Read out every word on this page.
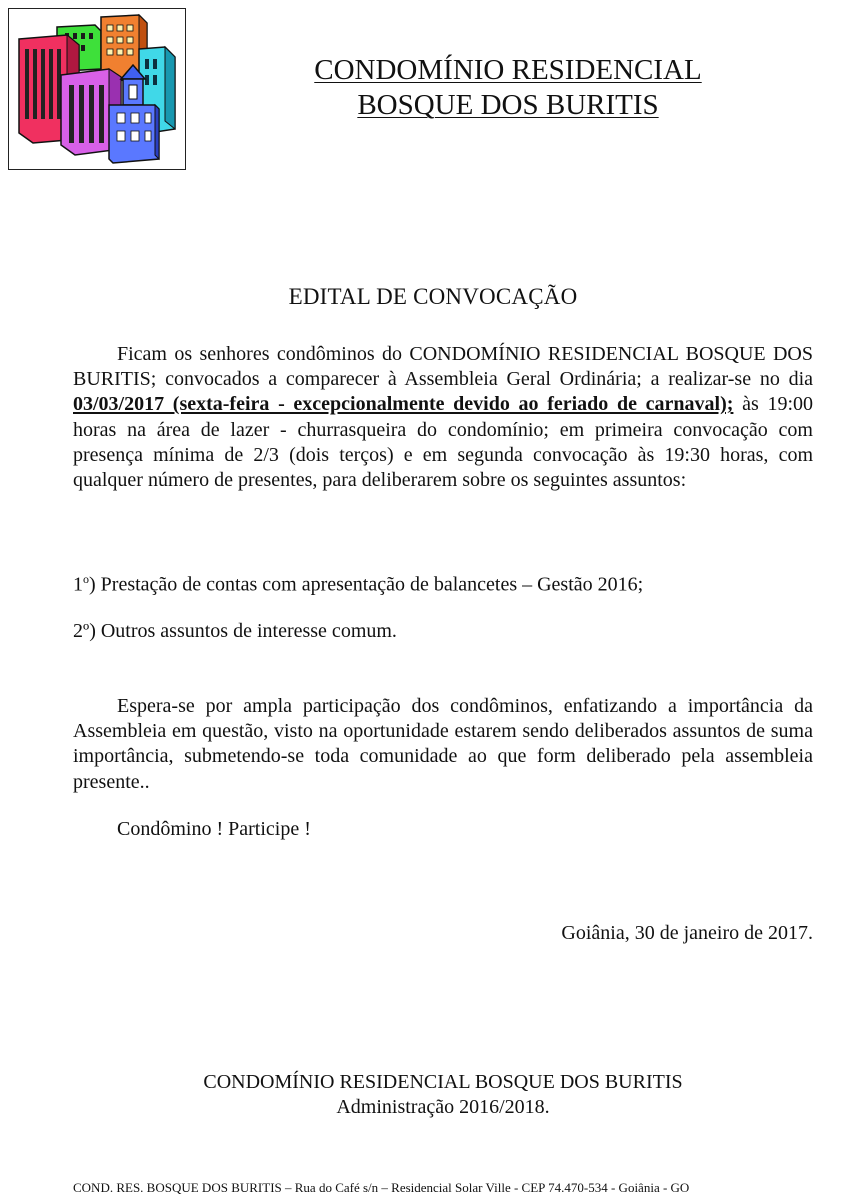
CONDOMÍNIO RESIDENCIAL
BOSQUE DOS BURITIS
EDITAL DE CONVOCAÇÃO
Ficam os senhores condôminos do CONDOMÍNIO RESIDENCIAL BOSQUE DOS BURITIS; convocados a comparecer à Assembleia Geral Ordinária; a realizar-se no dia 03/03/2017 (sexta-feira - excepcionalmente devido ao feriado de carnaval); às 19:00 horas na área de lazer - churrasqueira do condomínio; em primeira convocação com presença mínima de 2/3 (dois terços) e em segunda convocação às 19:30 horas, com qualquer número de presentes, para deliberarem sobre os seguintes assuntos:
1$^o$) Prestação de contas com apresentação de balancetes – Gestão 2016;
2º) Outros assuntos de interesse comum.
Espera-se por ampla participação dos condôminos, enfatizando a importância da Assembleia em questão, visto na oportunidade estarem sendo deliberados assuntos de suma importância, submetendo-se toda comunidade ao que form deliberado pela assembleia presente..
Condômino ! Participe !
Goiânia, 30 de janeiro de 2017.
CONDOMÍNIO RESIDENCIAL BOSQUE DOS BURITIS
Administração 2016/2018.
COND. RES. BOSQUE DOS BURITIS – Rua do Café s/n – Residencial Solar Ville - CEP 74.470-534 - Goiânia - GO
